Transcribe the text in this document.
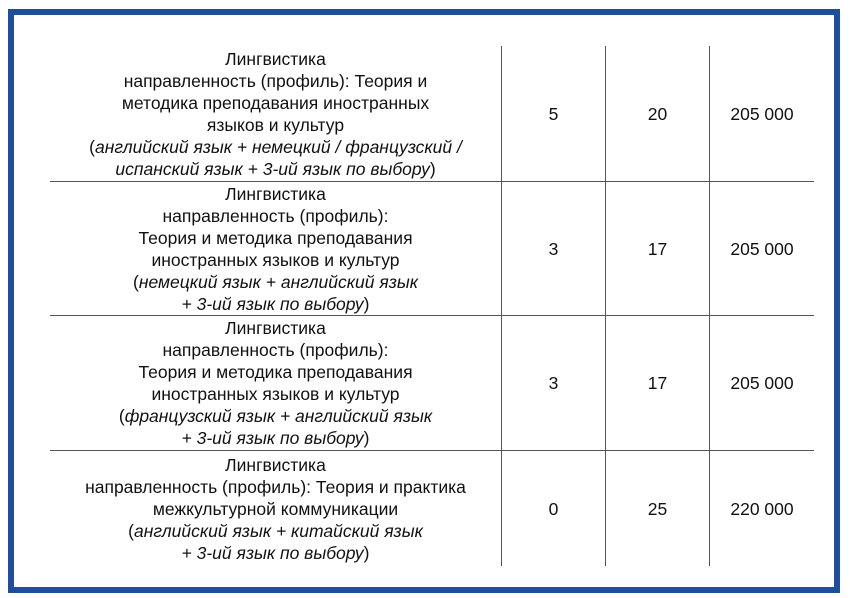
Лингвистика
направленность (профиль): Теория и
методика преподавания иностранных
языков и культур
(английский язык + немецкий / французский /
испанский язык + 3-ий язык по выбору)
5	20	205 000
Лингвистика
направленность (профиль):
Теория и методика преподавания
иностранных языков и культур
(немецкий язык + английский язык
+ 3-ий язык по выбору)
3	17	205 000
Лингвистика
направленность (профиль):
Теория и методика преподавания
иностранных языков и культур
(французский язык + английский язык
+ 3-ий язык по выбору)
3	17	205 000
Лингвистика
направленность (профиль): Теория и практика
межкультурной коммуникации
(английский язык + китайский язык
+ 3-ий язык по выбору)
0	25	220 000
